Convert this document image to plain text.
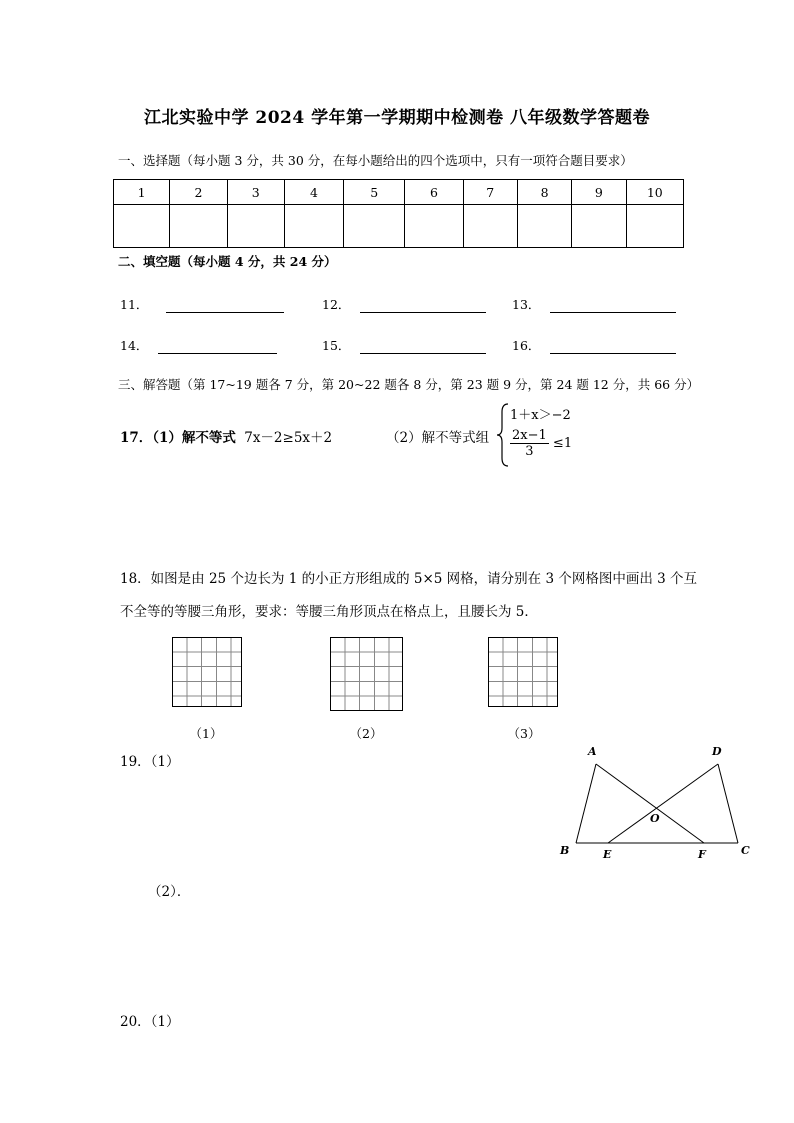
江北实验中学 2024 学年第一学期期中检测卷 八年级数学答题卷
一、选择题（每小题 3 分，共 30 分，在每小题给出的四个选项中，只有一项符合题目要求）
1	2	3	4	5	6	7	8	9	10

二、填空题（每小题 4 分，共 24 分）
11．	12．	13．
14．	15．	16．
三、解答题（第 17~19 题各 7 分，第 20~22 题各 8 分，第 23 题 9 分，第 24 题 12 分，共 66 分）
17．（1）解不等式 7x－2≥5x＋2	（2）解不等式组
1＋x＞−2
$\frac{2x-1}{3} \le 1$
18．如图是由 25 个边长为 1 的小正方形组成的 5×5 网格，请分别在 3 个网格图中画出 3 个互
不全等的等腰三角形，要求：等腰三角形顶点在格点上，且腰长为 5．
（1）	（2）	（3）
19．（1）
（2）．
A	D
O
B	E	F	C
20．（1）
